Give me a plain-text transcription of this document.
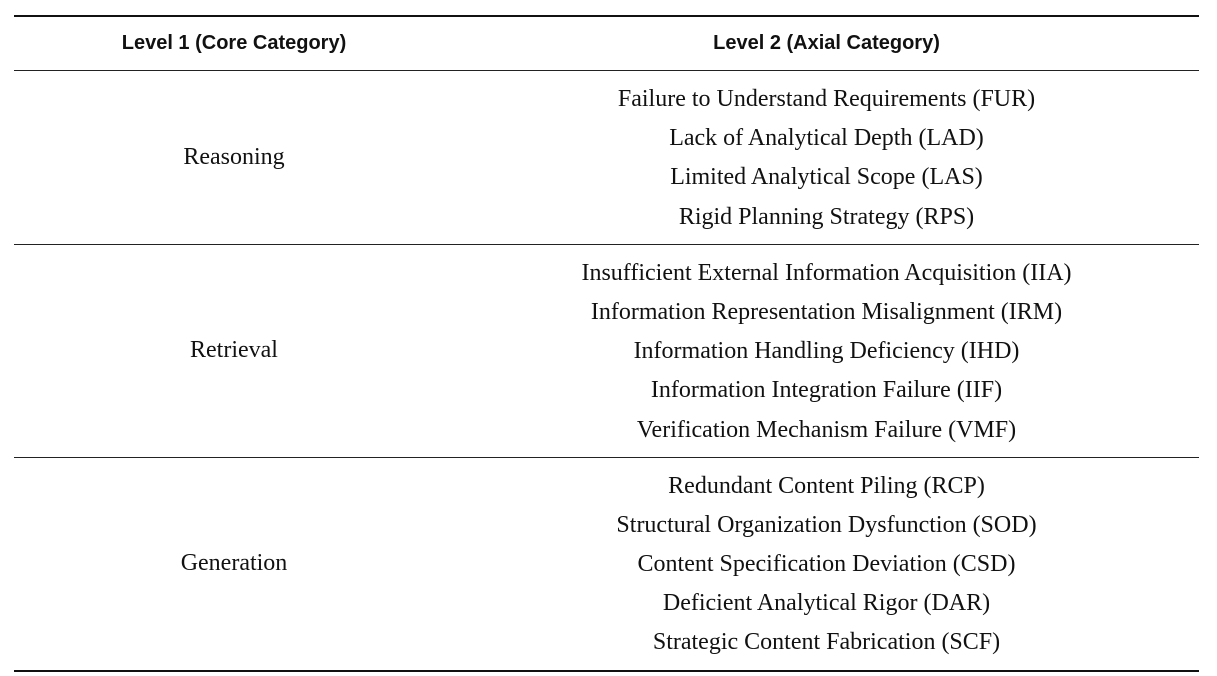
Level 1 (Core Category)	Level 2 (Axial Category)
Reasoning
Failure to Understand Requirements (FUR)
Lack of Analytical Depth (LAD)
Limited Analytical Scope (LAS)
Rigid Planning Strategy (RPS)
Retrieval
Insufficient External Information Acquisition (IIA)
Information Representation Misalignment (IRM)
Information Handling Deficiency (IHD)
Information Integration Failure (IIF)
Verification Mechanism Failure (VMF)
Generation
Redundant Content Piling (RCP)
Structural Organization Dysfunction (SOD)
Content Specification Deviation (CSD)
Deficient Analytical Rigor (DAR)
Strategic Content Fabrication (SCF)
